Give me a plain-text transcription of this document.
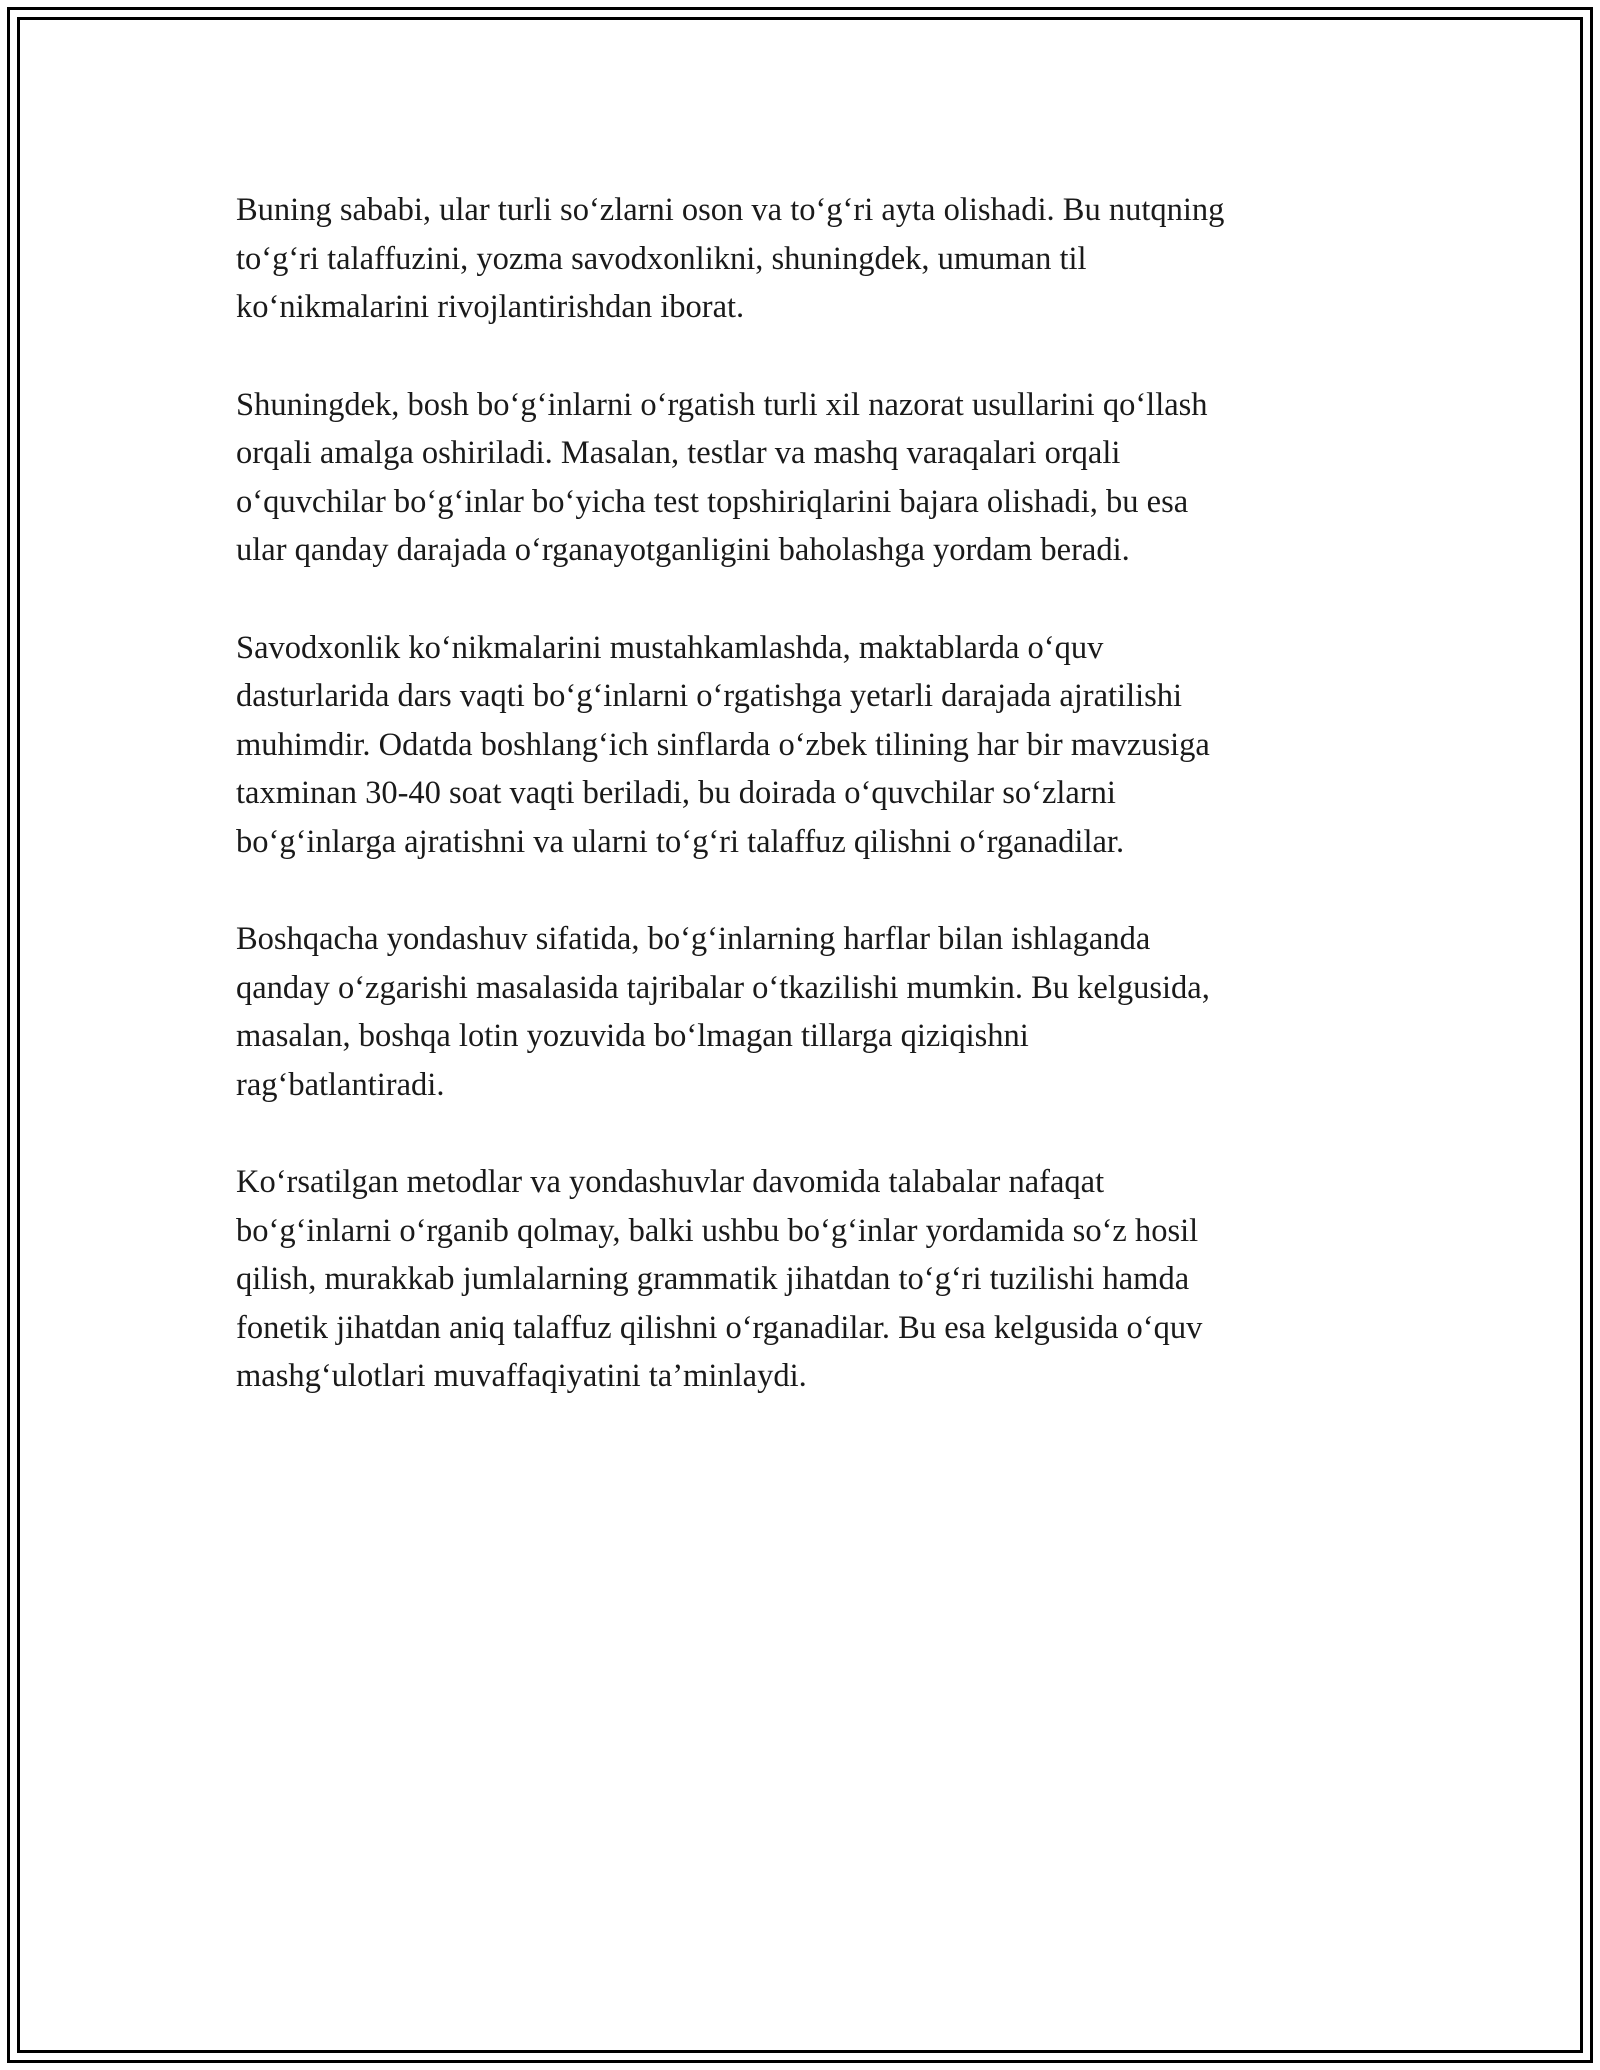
Buning sababi, ular turli so‘zlarni oson va to‘g‘ri ayta olishadi. Bu nutqning
to‘g‘ri talaffuzini, yozma savodxonlikni, shuningdek, umuman til
ko‘nikmalarini rivojlantirishdan iborat.

Shuningdek, bosh bo‘g‘inlarni o‘rgatish turli xil nazorat usullarini qo‘llash
orqali amalga oshiriladi. Masalan, testlar va mashq varaqalari orqali
o‘quvchilar bo‘g‘inlar bo‘yicha test topshiriqlarini bajara olishadi, bu esa
ular qanday darajada o‘rganayotganligini baholashga yordam beradi.

Savodxonlik ko‘nikmalarini mustahkamlashda, maktablarda o‘quv
dasturlarida dars vaqti bo‘g‘inlarni o‘rgatishga yetarli darajada ajratilishi
muhimdir. Odatda boshlang‘ich sinflarda o‘zbek tilining har bir mavzusiga
taxminan 30-40 soat vaqti beriladi, bu doirada o‘quvchilar so‘zlarni
bo‘g‘inlarga ajratishni va ularni to‘g‘ri talaffuz qilishni o‘rganadilar.

Boshqacha yondashuv sifatida, bo‘g‘inlarning harflar bilan ishlaganda
qanday o‘zgarishi masalasida tajribalar o‘tkazilishi mumkin. Bu kelgusida,
masalan, boshqa lotin yozuvida bo‘lmagan tillarga qiziqishni
rag‘batlantiradi.

Ko‘rsatilgan metodlar va yondashuvlar davomida talabalar nafaqat
bo‘g‘inlarni o‘rganib qolmay, balki ushbu bo‘g‘inlar yordamida so‘z hosil
qilish, murakkab jumlalarning grammatik jihatdan to‘g‘ri tuzilishi hamda
fonetik jihatdan aniq talaffuz qilishni o‘rganadilar. Bu esa kelgusida o‘quv
mashg‘ulotlari muvaffaqiyatini ta’minlaydi.
